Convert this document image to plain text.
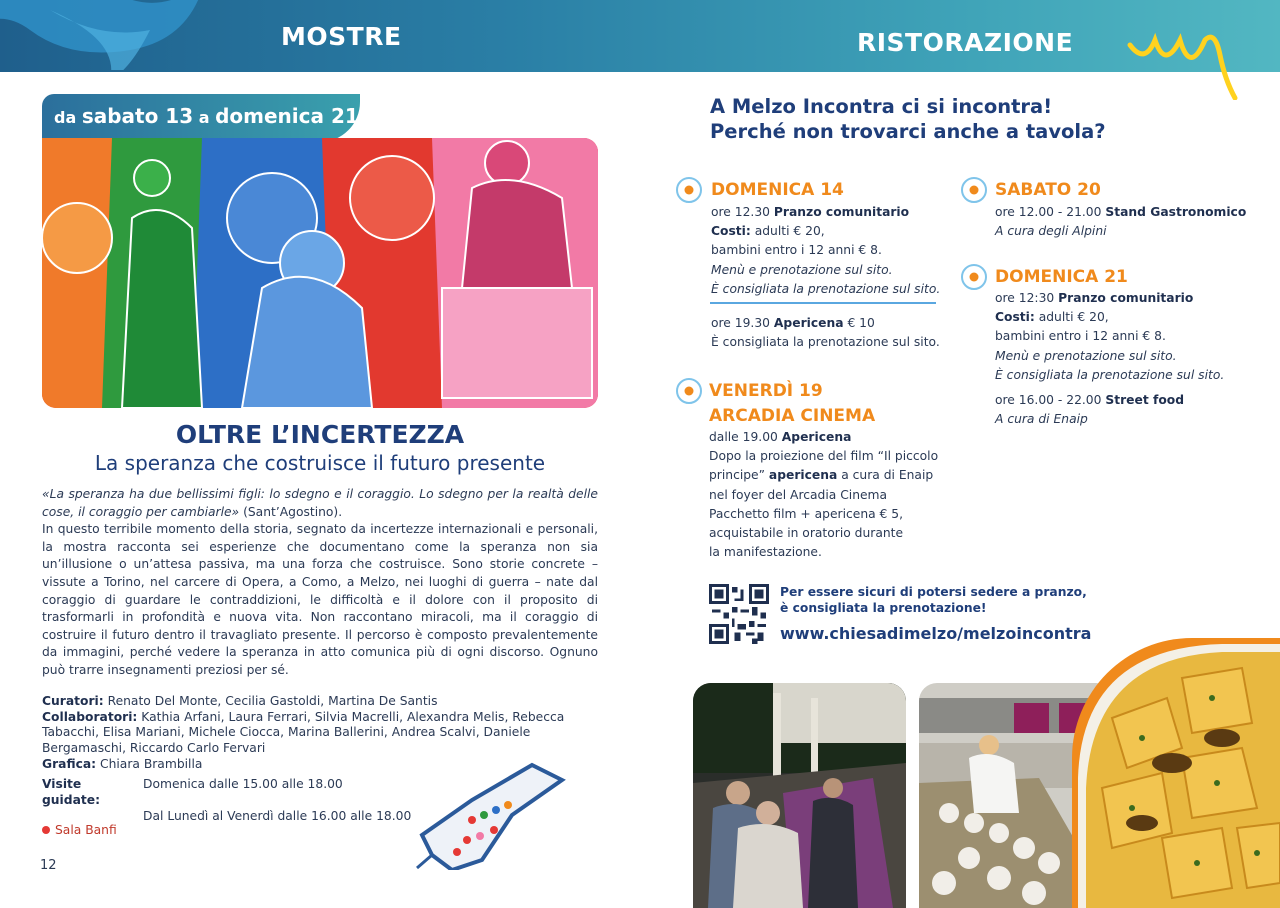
MOSTRE	RISTORAZIONE
da sabato 13 a domenica 21
OLTRE L’INCERTEZZA
La speranza che costruisce il futuro presente
«La speranza ha due bellissimi figli: lo sdegno e il coraggio. Lo sdegno per la realtà delle cose, il coraggio per cambiarle» (Sant’Agostino).
In questo terribile momento della storia, segnato da incertezze internazionali e personali, la mostra racconta sei esperienze che documentano come la speranza non sia un’illusione o un’attesa passiva, ma una forza che costruisce. Sono storie concrete – vissute a Torino, nel carcere di Opera, a Como, a Melzo, nei luoghi di guerra – nate dal coraggio di guardare le contraddizioni, le difficoltà e il dolore con il proposito di trasformarli in profondità e nuova vita. Non raccontano miracoli, ma il coraggio di costruire il futuro dentro il travagliato presente. Il percorso è composto prevalentemente da immagini, perché vedere la speranza in atto comunica più di ogni discorso. Ognuno può trarre insegnamenti preziosi per sé.
Curatori: Renato Del Monte, Cecilia Gastoldi, Martina De Santis
Collaboratori: Kathia Arfani, Laura Ferrari, Silvia Macrelli, Alexandra Melis, Rebecca Tabacchi, Elisa Mariani, Michele Ciocca, Marina Ballerini, Andrea Scalvi, Daniele Bergamaschi, Riccardo Carlo Fervari
Grafica: Chiara Brambilla
Visite guidate:
Domenica dalle 15.00 alle 18.00
Dal Lunedì al Venerdì dalle 16.00 alle 18.00
Sala Banfi
12
A Melzo Incontra ci si incontra!
Perché non trovarci anche a tavola?
DOMENICA 14
ore 12.30 Pranzo comunitario
Costi: adulti € 20,
bambini entro i 12 anni € 8.
Menù e prenotazione sul sito.
È consigliata la prenotazione sul sito.
ore 19.30 Apericena € 10
È consigliata la prenotazione sul sito.
VENERDÌ 19
ARCADIA CINEMA
dalle 19.00 Apericena
Dopo la proiezione del film “Il piccolo
principe” apericena a cura di Enaip
nel foyer del Arcadia Cinema
Pacchetto film + apericena € 5,
acquistabile in oratorio durante
la manifestazione.
SABATO 20
ore 12.00 - 21.00 Stand Gastronomico
A cura degli Alpini
DOMENICA 21
ore 12:30 Pranzo comunitario
Costi: adulti € 20,
bambini entro i 12 anni € 8.
Menù e prenotazione sul sito.
È consigliata la prenotazione sul sito.
ore 16.00 - 22.00 Street food
A cura di Enaip
Per essere sicuri di potersi sedere a pranzo,
è consigliata la prenotazione!
www.chiesadimelzo/melzoincontra
